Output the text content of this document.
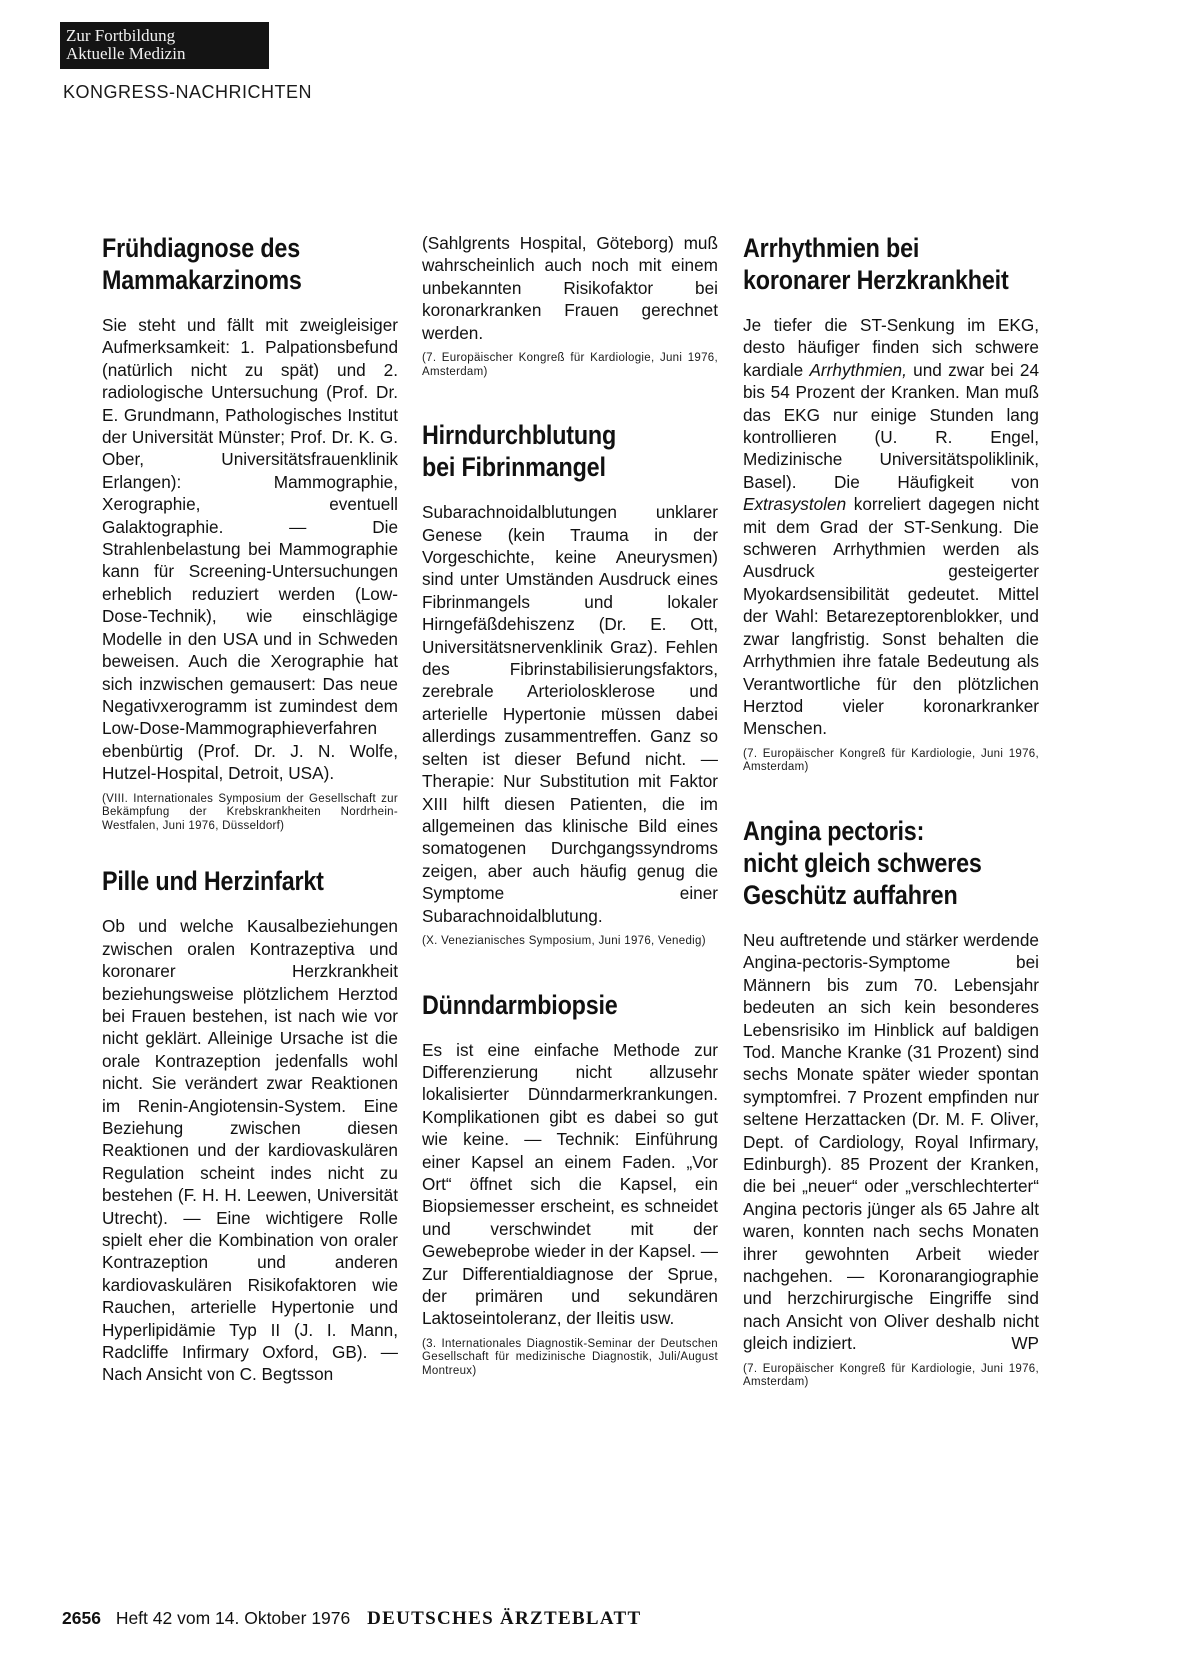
Zur Fortbildung
Aktuelle Medizin
KONGRESS-NACHRICHTEN
Frühdiagnose des
Mammakarzinoms

Sie steht und fällt mit zweigleisiger Aufmerksamkeit: 1. Palpationsbefund (natürlich nicht zu spät) und 2. radiologische Untersuchung (Prof. Dr. E. Grundmann, Pathologisches Institut der Universität Münster; Prof. Dr. K. G. Ober, Universitätsfrauenklinik Erlangen): Mammographie, Xerographie, eventuell Galaktographie. — Die Strahlenbelastung bei Mammographie kann für Screening-Untersuchungen erheblich reduziert werden (Low-Dose-Technik), wie einschlägige Modelle in den USA und in Schweden beweisen. Auch die Xerographie hat sich inzwischen gemausert: Das neue Negativxerogramm ist zumindest dem Low-Dose-Mammographieverfahren ebenbürtig (Prof. Dr. J. N. Wolfe, Hutzel-Hospital, Detroit, USA).

(VIII. Internationales Symposium der Gesellschaft zur Bekämpfung der Krebskrankheiten Nordrhein-Westfalen, Juni 1976, Düsseldorf)

Pille und Herzinfarkt

Ob und welche Kausalbeziehungen zwischen oralen Kontrazeptiva und koronarer Herzkrankheit beziehungsweise plötzlichem Herztod bei Frauen bestehen, ist nach wie vor nicht geklärt. Alleinige Ursache ist die orale Kontrazeption jedenfalls wohl nicht. Sie verändert zwar Reaktionen im Renin-Angiotensin-System. Eine Beziehung zwischen diesen Reaktionen und der kardiovaskulären Regulation scheint indes nicht zu bestehen (F. H. H. Leewen, Universität Utrecht). — Eine wichtigere Rolle spielt eher die Kombination von oraler Kontrazeption und anderen kardiovaskulären Risikofaktoren wie Rauchen, arterielle Hypertonie und Hyperlipidämie Typ II (J. I. Mann, Radcliffe Infirmary Oxford, GB). — Nach Ansicht von C. Begtsson

(Sahlgrents Hospital, Göteborg) muß wahrscheinlich auch noch mit einem unbekannten Risikofaktor bei koronarkranken Frauen gerechnet werden.

(7. Europäischer Kongreß für Kardiologie, Juni 1976, Amsterdam)

Hirndurchblutung
bei Fibrinmangel

Subarachnoidalblutungen unklarer Genese (kein Trauma in der Vorgeschichte, keine Aneurysmen) sind unter Umständen Ausdruck eines Fibrinmangels und lokaler Hirngefäßdehiszenz (Dr. E. Ott, Universitätsnervenklinik Graz). Fehlen des Fibrinstabilisierungsfaktors, zerebrale Arteriolosklerose und arterielle Hypertonie müssen dabei allerdings zusammentreffen. Ganz so selten ist dieser Befund nicht. — Therapie: Nur Substitution mit Faktor XIII hilft diesen Patienten, die im allgemeinen das klinische Bild eines somatogenen Durchgangssyndroms zeigen, aber auch häufig genug die Symptome einer Subarachnoidalblutung.

(X. Venezianisches Symposium, Juni 1976, Venedig)

Dünndarmbiopsie

Es ist eine einfache Methode zur Differenzierung nicht allzusehr lokalisierter Dünndarmerkrankungen. Komplikationen gibt es dabei so gut wie keine. — Technik: Einführung einer Kapsel an einem Faden. „Vor Ort“ öffnet sich die Kapsel, ein Biopsiemesser erscheint, es schneidet und verschwindet mit der Gewebeprobe wieder in der Kapsel. — Zur Differentialdiagnose der Sprue, der primären und sekundären Laktoseintoleranz, der Ileitis usw.

(3. Internationales Diagnostik-Seminar der Deutschen Gesellschaft für medizinische Diagnostik, Juli/August Montreux)

Arrhythmien bei
koronarer Herzkrankheit

Je tiefer die ST-Senkung im EKG, desto häufiger finden sich schwere kardiale Arrhythmien, und zwar bei 24 bis 54 Prozent der Kranken. Man muß das EKG nur einige Stunden lang kontrollieren (U. R. Engel, Medizinische Universitätspoliklinik, Basel). Die Häufigkeit von Extrasystolen korreliert dagegen nicht mit dem Grad der ST-Senkung. Die schweren Arrhythmien werden als Ausdruck gesteigerter Myokardsensibilität gedeutet. Mittel der Wahl: Betarezeptorenblokker, und zwar langfristig. Sonst behalten die Arrhythmien ihre fatale Bedeutung als Verantwortliche für den plötzlichen Herztod vieler koronarkranker Menschen.

(7. Europäischer Kongreß für Kardiologie, Juni 1976, Amsterdam)

Angina pectoris:
nicht gleich schweres
Geschütz auffahren

Neu auftretende und stärker werdende Angina-pectoris-Symptome bei Männern bis zum 70. Lebensjahr bedeuten an sich kein besonderes Lebensrisiko im Hinblick auf baldigen Tod. Manche Kranke (31 Prozent) sind sechs Monate später wieder spontan symptomfrei. 7 Prozent empfinden nur seltene Herzattacken (Dr. M. F. Oliver, Dept. of Cardiology, Royal Infirmary, Edinburgh). 85 Prozent der Kranken, die bei „neuer“ oder „verschlechterter“ Angina pectoris jünger als 65 Jahre alt waren, konnten nach sechs Monaten ihrer gewohnten Arbeit wieder nachgehen. — Koronarangiographie und herzchirurgische Eingriffe sind nach Ansicht von Oliver deshalb nicht gleich indiziert.	WP

(7. Europäischer Kongreß für Kardiologie, Juni 1976, Amsterdam)

2656 Heft 42 vom 14. Oktober 1976 DEUTSCHES ÄRZTEBLATT
